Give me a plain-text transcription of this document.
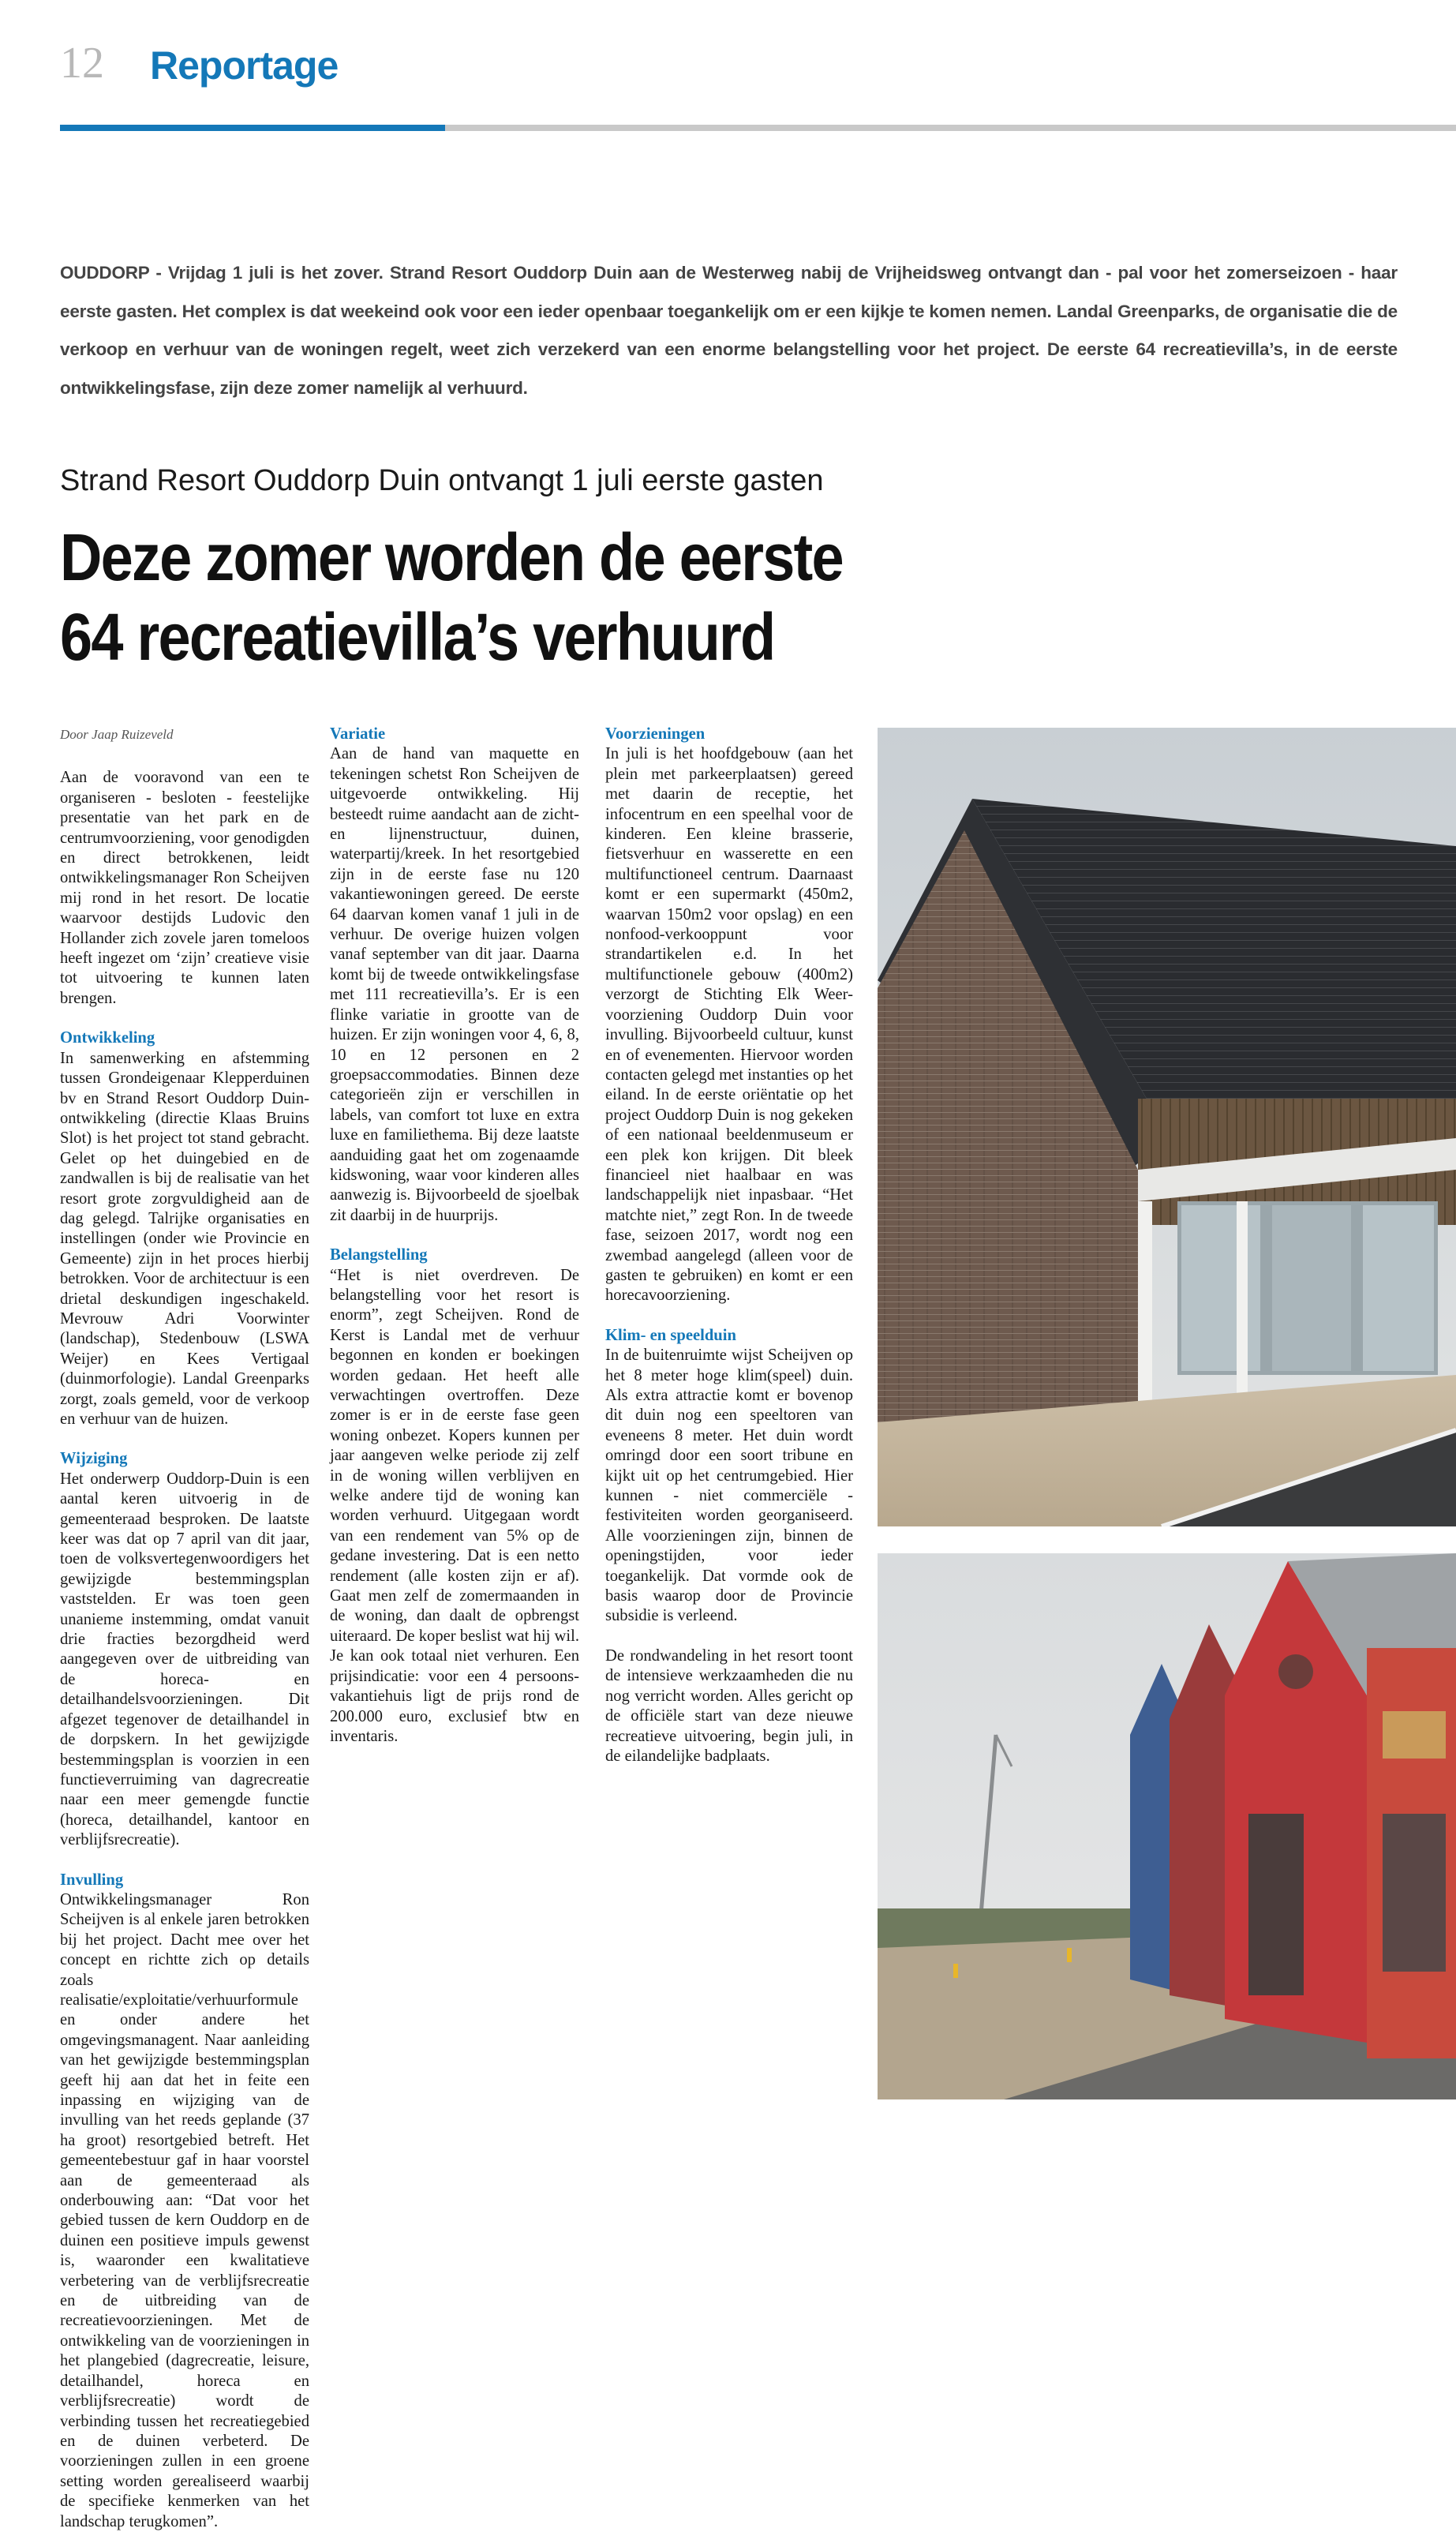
12 Reportage
OUDDORP - Vrijdag 1 juli is het zover. Strand Resort Ouddorp Duin aan de Westerweg nabij de Vrijheidsweg ontvangt dan - pal voor het zomerseizoen - haar eerste gasten. Het complex is dat weekeind ook voor een ieder openbaar toegankelijk om er een kijkje te komen nemen. Landal Greenparks, de organisatie die de verkoop en verhuur van de woningen regelt, weet zich verzekerd van een enorme belangstelling voor het project. De eerste 64 recreatievilla’s, in de eerste ontwikkelingsfase, zijn deze zomer namelijk al verhuurd.
Strand Resort Ouddorp Duin ontvangt 1 juli eerste gasten
Deze zomer worden de eerste
64 recreatievilla’s verhuurd

Door Jaap Ruizeveld

Aan de vooravond van een te organiseren - besloten - feestelijke presentatie van het park en de centrumvoorziening, voor genodigden en direct betrokkenen, leidt ontwikkelingsmanager Ron Scheijven mij rond in het resort. De locatie waarvoor destijds Ludovic den Hollander zich zovele jaren tomeloos heeft ingezet om ‘zijn’ creatieve visie tot uitvoering te kunnen laten brengen.

Ontwikkeling

In samenwerking en afstemming tussen Grondeigenaar Klepperduinen bv en Strand Resort Ouddorp Duin-ontwikkeling (directie Klaas Bruins Slot) is het project tot stand gebracht. Gelet op het duingebied en de zandwallen is bij de realisatie van het resort grote zorgvuldigheid aan de dag gelegd. Talrijke organisaties en instellingen (onder wie Provincie en Gemeente) zijn in het proces hierbij betrokken. Voor de architectuur is een drietal deskundigen ingeschakeld. Mevrouw Adri Voorwinter (landschap), Stedenbouw (LSWA Weijer) en Kees Vertigaal (duinmorfologie). Landal Greenparks zorgt, zoals gemeld, voor de verkoop en verhuur van de huizen.

Wijziging

Het onderwerp Ouddorp-Duin is een aantal keren uitvoerig in de gemeenteraad besproken. De laatste keer was dat op 7 april van dit jaar, toen de volksvertegenwoordigers het gewijzigde bestemmingsplan vaststelden. Er was toen geen unanieme instemming, omdat vanuit drie fracties bezorgdheid werd aangegeven over de uitbreiding van de horeca- en detailhandelsvoorzieningen. Dit afgezet tegenover de detailhandel in de dorpskern. In het gewijzigde bestemmingsplan is voorzien in een functieverruiming van dagrecreatie naar een meer gemengde functie (horeca, detailhandel, kantoor en verblijfsrecreatie).

Invulling

Ontwikkelingsmanager Ron Scheijven is al enkele jaren betrokken bij het project. Dacht mee over het concept en richtte zich op details zoals realisatie/exploitatie/verhuurformule en onder andere het omgevingsmanagent. Naar aanleiding van het gewijzigde bestemmingsplan geeft hij aan dat het in feite een inpassing en wijziging van de invulling van het reeds geplande (37 ha groot) resortgebied betreft. Het gemeentebestuur gaf in haar voorstel aan de gemeenteraad als onderbouwing aan: “Dat voor het gebied tussen de kern Ouddorp en de duinen een positieve impuls gewenst is, waaronder een kwalitatieve verbetering van de verblijfsrecreatie en de uitbreiding van de recreatievoorzieningen. Met de ontwikkeling van de voorzieningen in het plangebied (dagrecreatie, leisure, detailhandel, horeca en verblijfsrecreatie) wordt de verbinding tussen het recreatiegebied en de duinen verbeterd. De voorzieningen zullen in een groene setting worden gerealiseerd waarbij de specifieke kenmerken van het landschap terugkomen”.

Variatie

Aan de hand van maquette en tekeningen schetst Ron Scheijven de uitgevoerde ontwikkeling. Hij besteedt ruime aandacht aan de zicht- en lijnenstructuur, duinen, waterpartij/kreek. In het resortgebied zijn in de eerste fase nu 120 vakantiewoningen gereed. De eerste 64 daarvan komen vanaf 1 juli in de verhuur. De overige huizen volgen vanaf september van dit jaar. Daarna komt bij de tweede ontwikkelingsfase met 111 recreatievilla’s. Er is een flinke variatie in grootte van de huizen. Er zijn woningen voor 4, 6, 8, 10 en 12 personen en 2 groepsaccommodaties. Binnen deze categorieën zijn er verschillen in labels, van comfort tot luxe en extra luxe en familiethema. Bij deze laatste aanduiding gaat het om zogenaamde kidswoning, waar voor kinderen alles aanwezig is. Bijvoorbeeld de sjoelbak zit daarbij in de huurprijs.

Belangstelling

“Het is niet overdreven. De belangstelling voor het resort is enorm”, zegt Scheijven. Rond de Kerst is Landal met de verhuur begonnen en konden er boekingen worden gedaan. Het heeft alle verwachtingen overtroffen. Deze zomer is er in de eerste fase geen woning onbezet. Kopers kunnen per jaar aangeven welke periode zij zelf in de woning willen verblijven en welke andere tijd de woning kan worden verhuurd. Uitgegaan wordt van een rendement van 5% op de gedane investering. Dat is een netto rendement (alle kosten zijn er af). Gaat men zelf de zomermaanden in de woning, dan daalt de opbrengst uiteraard. De koper beslist wat hij wil. Je kan ook totaal niet verhuren. Een prijsindicatie: voor een 4 persoons-vakantiehuis ligt de prijs rond de 200.000 euro, exclusief btw en inventaris.

Voorzieningen

In juli is het hoofdgebouw (aan het plein met parkeerplaatsen) gereed met daarin de receptie, het infocentrum en een speelhal voor de kinderen. Een kleine brasserie, fietsverhuur en wasserette en een multifunctioneel centrum. Daarnaast komt er een supermarkt (450m2, waarvan 150m2 voor opslag) en een nonfood-verkooppunt voor strandartikelen e.d. In het multifunctionele gebouw (400m2) verzorgt de Stichting Elk Weer-voorziening Ouddorp Duin voor invulling. Bijvoorbeeld cultuur, kunst en of evenementen. Hiervoor worden contacten gelegd met instanties op het eiland. In de eerste oriëntatie op het project Ouddorp Duin is nog gekeken of een nationaal beeldenmuseum er een plek kon krijgen. Dit bleek financieel niet haalbaar en was landschappelijk niet inpasbaar. “Het matchte niet,” zegt Ron. In de tweede fase, seizoen 2017, wordt nog een zwembad aangelegd (alleen voor de gasten te gebruiken) en komt er een horecavoorziening.

Klim- en speelduin

In de buitenruimte wijst Scheijven op het 8 meter hoge klim(speel) duin. Als extra attractie komt er bovenop dit duin nog een speeltoren van eveneens 8 meter. Het duin wordt omringd door een soort tribune en kijkt uit op het centrumgebied. Hier kunnen - niet commerciële - festiviteiten worden georganiseerd. Alle voorzieningen zijn, binnen de openingstijden, voor ieder toegankelijk. Dat vormde ook de basis waarop door de Provincie subsidie is verleend.

De rondwandeling in het resort toont de intensieve werkzaamheden die nu nog verricht worden. Alles gericht op de officiële start van deze nieuwe recreatieve uitvoering, begin juli, in de eilandelijke badplaats.
